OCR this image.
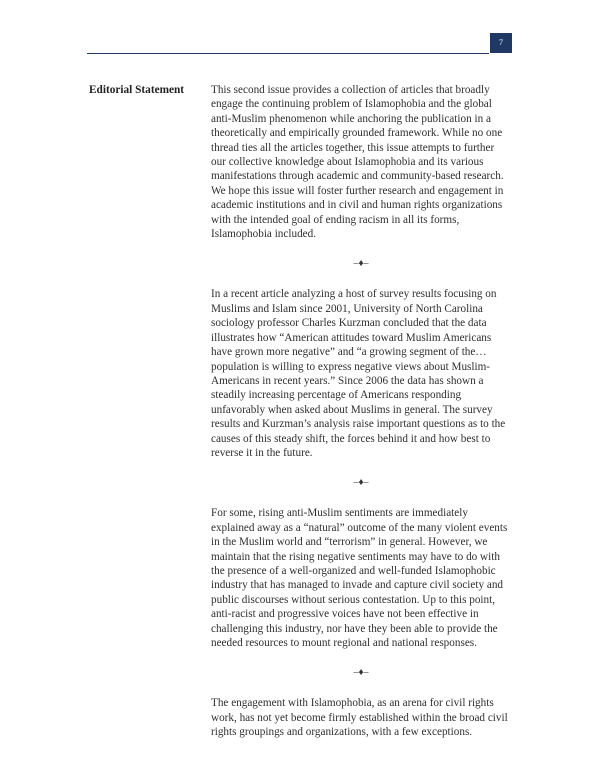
7
Editorial Statement This second issue provides a collection of articles that broadly engage the continuing problem of Islamophobia and the global anti-Muslim phenomenon while anchoring the publication in a theoretically and empirically grounded framework. While no one thread ties all the articles together, this issue attempts to further our collective knowledge about Islamophobia and its various manifestations through academic and community-based research. We hope this issue will foster further research and engagement in academic institutions and in civil and human rights organizations with the intended goal of ending racism in all its forms, Islamophobia included.

–♦–

In a recent article analyzing a host of survey results focusing on Muslims and Islam since 2001, University of North Carolina sociology professor Charles Kurzman concluded that the data illustrates how “American attitudes toward Muslim Americans have grown more negative” and “a growing segment of the… population is willing to express negative views about Muslim-Americans in recent years.” Since 2006 the data has shown a steadily increasing percentage of Americans responding unfavorably when asked about Muslims in general. The survey results and Kurzman’s analysis raise important questions as to the causes of this steady shift, the forces behind it and how best to reverse it in the future.

–♦–

For some, rising anti-Muslim sentiments are immediately explained away as a “natural” outcome of the many violent events in the Muslim world and “terrorism” in general. However, we maintain that the rising negative sentiments may have to do with the presence of a well-organized and well-funded Islamophobic industry that has managed to invade and capture civil society and public discourses without serious contestation. Up to this point, anti-racist and progressive voices have not been effective in challenging this industry, nor have they been able to provide the needed resources to mount regional and national responses.

–♦–

The engagement with Islamophobia, as an arena for civil rights work, has not yet become firmly established within the broad civil rights groupings and organizations, with a few exceptions.
